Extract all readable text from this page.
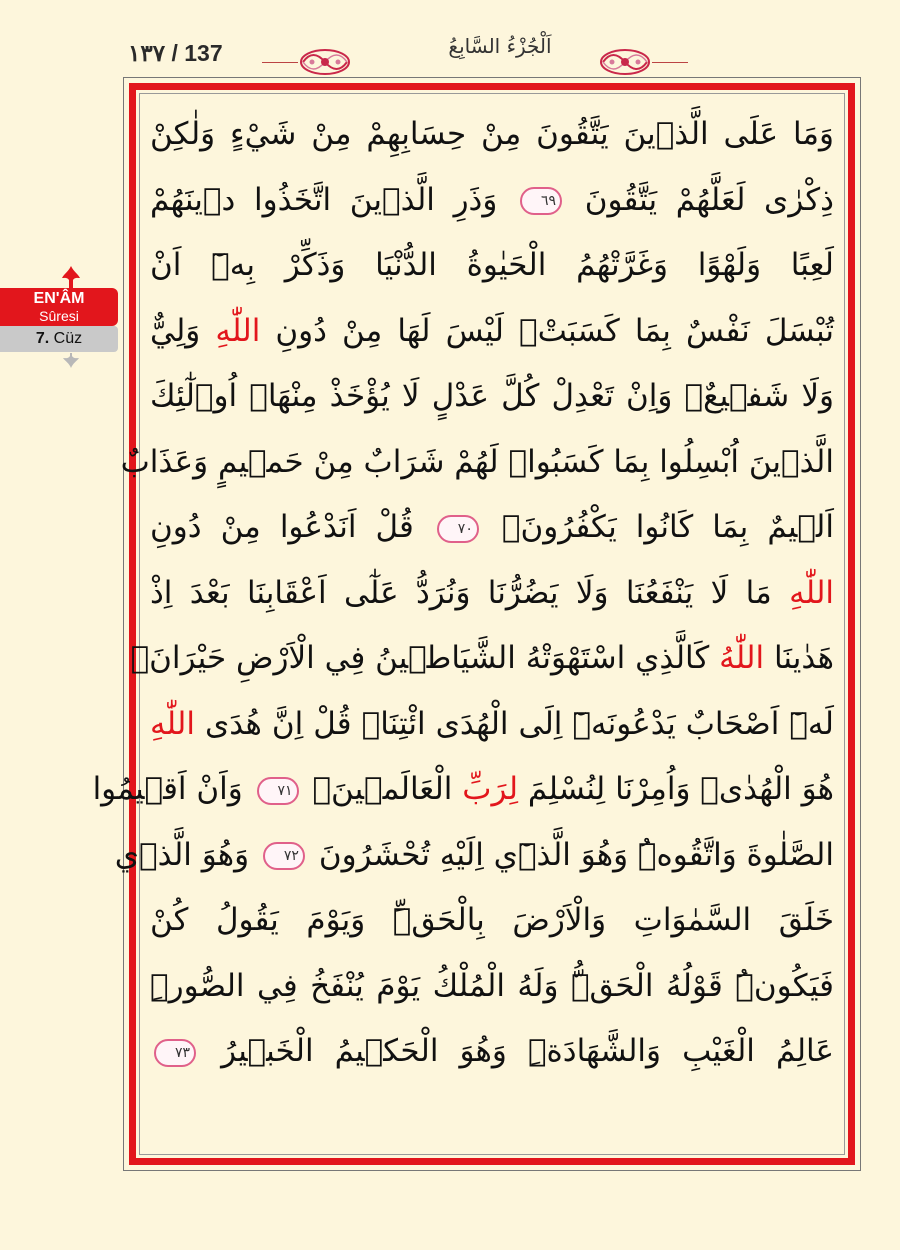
١٣٧ / 137	اَلْجُزْءُ السَّابِعُ
EN'ÂM
Sûresi
7. Cüz
وَمَا عَلَى الَّذ۪ينَ يَتَّقُونَ مِنْ حِسَابِهِمْ مِنْ شَيْءٍ وَلٰكِنْ
ذِكْرٰى لَعَلَّهُمْ يَتَّقُونَ ٦٩ وَذَرِ الَّذ۪ينَ اتَّخَذُوا د۪ينَهُمْ
لَعِبًا وَلَهْوًا وَغَرَّتْهُمُ الْحَيٰوةُ الدُّنْيَا وَذَكِّرْ بِه۪ٓ اَنْ
تُبْسَلَ نَفْسٌ بِمَا كَسَبَتْۗ لَيْسَ لَهَا مِنْ دُونِ اللّٰهِ وَلِيٌّ
وَلَا شَف۪يعٌۚ وَاِنْ تَعْدِلْ كُلَّ عَدْلٍ لَا يُؤْخَذْ مِنْهَاۜ اُو۬لٰٓئِكَ
الَّذ۪ينَ اُبْسِلُوا بِمَا كَسَبُواۚ لَهُمْ شَرَابٌ مِنْ حَم۪يمٍ وَعَذَابٌ
اَل۪يمٌ بِمَا كَانُوا يَكْفُرُونَۘ ٧٠ قُلْ اَنَدْعُوا مِنْ دُونِ
اللّٰهِ مَا لَا يَنْفَعُنَا وَلَا يَضُرُّنَا وَنُرَدُّ عَلٰٓى اَعْقَابِنَا بَعْدَ اِذْ
هَدٰينَا اللّٰهُ كَالَّذِي اسْتَهْوَتْهُ الشَّيَاط۪ينُ فِي الْاَرْضِ حَيْرَانَۖ
لَه۫ٓ اَصْحَابٌ يَدْعُونَه۫ٓ اِلَى الْهُدَى ائْتِنَاۜ قُلْ اِنَّ هُدَى اللّٰهِ
هُوَ الْهُدٰىۜ وَاُمِرْنَا لِنُسْلِمَ لِرَبِّ الْعَالَم۪ينَۙ ٧١ وَاَنْ اَق۪يمُوا
الصَّلٰوةَ وَاتَّقُوهُۜ وَهُوَ الَّذ۪ٓي اِلَيْهِ تُحْشَرُونَ ٧٢ وَهُوَ الَّذ۪ي
خَلَقَ السَّمٰوَاتِ وَالْاَرْضَ بِالْحَقِّۜ وَيَوْمَ يَقُولُ كُنْ
فَيَكُونُۜ قَوْلُهُ الْحَقُّۜ وَلَهُ الْمُلْكُ يَوْمَ يُنْفَخُ فِي الصُّورِۜ
عَالِمُ الْغَيْبِ وَالشَّهَادَةِۜ وَهُوَ الْحَك۪يمُ الْخَب۪يرُ ٧٣
